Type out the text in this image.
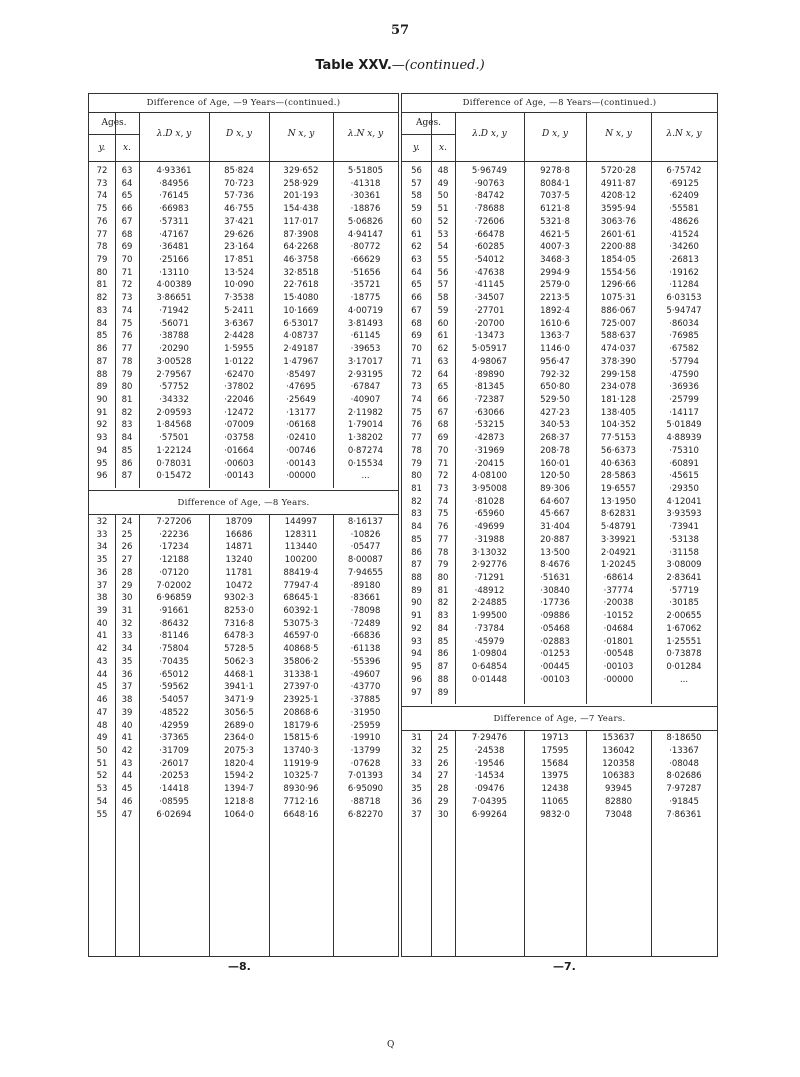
57
Table XXV.—(continued.)
Difference of Age, —9 Years—(continued.)
Ages.
y.	x.
λ.D x, y	D x, y	N x, y	λ.N x, y
72	63	4·93361	85·824	329·652	5·51805
73	64	·84956	70·723	258·929	·41318
74	65	·76145	57·736	201·193	·30361
75	66	·66983	46·755	154·438	·18876
76	67	·57311	37·421	117·017	5·06826
77	68	·47167	29·626	87·3908	4·94147
78	69	·36481	23·164	64·2268	·80772
79	70	·25166	17·851	46·3758	·66629
80	71	·13110	13·524	32·8518	·51656
81	72	4·00389	10·090	22·7618	·35721
82	73	3·86651	7·3538	15·4080	·18775
83	74	·71942	5·2411	10·1669	4·00719
84	75	·56071	3·6367	6·53017	3·81493
85	76	·38788	2·4428	4·08737	·61145
86	77	·20290	1·5955	2·49187	·39653
87	78	3·00528	1·0122	1·47967	3·17017
88	79	2·79567	·62470	·85497	2·93195
89	80	·57752	·37802	·47695	·67847
90	81	·34332	·22046	·25649	·40907
91	82	2·09593	·12472	·13177	2·11982
92	83	1·84568	·07009	·06168	1·79014
93	84	·57501	·03758	·02410	1·38202
94	85	1·22124	·01664	·00746	0·87274
95	86	0·78031	·00603	·00143	0·15534
96	87	0·15472	·00143	·00000	...
Difference of Age, —8 Years.
32	24	7·27206	18709	144997	8·16137
33	25	·22236	16686	128311	·10826
34	26	·17234	14871	113440	·05477
35	27	·12188	13240	100200	8·00087
36	28	·07120	11781	88419·4	7·94655
37	29	7·02002	10472	77947·4	·89180
38	30	6·96859	9302·3	68645·1	·83661
39	31	·91661	8253·0	60392·1	·78098
40	32	·86432	7316·8	53075·3	·72489
41	33	·81146	6478·3	46597·0	·66836
42	34	·75804	5728·5	40868·5	·61138
43	35	·70435	5062·3	35806·2	·55396
44	36	·65012	4468·1	31338·1	·49607
45	37	·59562	3941·1	27397·0	·43770
46	38	·54057	3471·9	23925·1	·37885
47	39	·48522	3056·5	20868·6	·31950
48	40	·42959	2689·0	18179·6	·25959
49	41	·37365	2364·0	15815·6	·19910
50	42	·31709	2075·3	13740·3	·13799
51	43	·26017	1820·4	11919·9	·07628
52	44	·20253	1594·2	10325·7	7·01393
53	45	·14418	1394·7	8930·96	6·95090
54	46	·08595	1218·8	7712·16	·88718
55	47	6·02694	1064·0	6648·16	6·82270
Difference of Age, —8 Years—(continued.)
Ages.
y.	x.
λ.D x, y	D x, y	N x, y	λ.N x, y
56	48	5·96749	9278·8	5720·28	6·75742
57	49	·90763	8084·1	4911·87	·69125
58	50	·84742	7037·5	4208·12	·62409
59	51	·78688	6121·8	3595·94	·55581
60	52	·72606	5321·8	3063·76	·48626
61	53	·66478	4621·5	2601·61	·41524
62	54	·60285	4007·3	2200·88	·34260
63	55	·54012	3468·3	1854·05	·26813
64	56	·47638	2994·9	1554·56	·19162
65	57	·41145	2579·0	1296·66	·11284
66	58	·34507	2213·5	1075·31	6·03153
67	59	·27701	1892·4	886·067	5·94747
68	60	·20700	1610·6	725·007	·86034
69	61	·13473	1363·7	588·637	·76985
70	62	5·05917	1146·0	474·037	·67582
71	63	4·98067	956·47	378·390	·57794
72	64	·89890	792·32	299·158	·47590
73	65	·81345	650·80	234·078	·36936
74	66	·72387	529·50	181·128	·25799
75	67	·63066	427·23	138·405	·14117
76	68	·53215	340·53	104·352	5·01849
77	69	·42873	268·37	77·5153	4·88939
78	70	·31969	208·78	56·6373	·75310
79	71	·20415	160·01	40·6363	·60891
80	72	4·08100	120·50	28·5863	·45615
81	73	3·95008	89·306	19·6557	·29350
82	74	·81028	64·607	13·1950	4·12041
83	75	·65960	45·667	8·62831	3·93593
84	76	·49699	31·404	5·48791	·73941
85	77	·31988	20·887	3·39921	·53138
86	78	3·13032	13·500	2·04921	·31158
87	79	2·92776	8·4676	1·20245	3·08009
88	80	·71291	·51631	·68614	2·83641
89	81	·48912	·30840	·37774	·57719
90	82	2·24885	·17736	·20038	·30185
91	83	1·99500	·09886	·10152	2·00655
92	84	·73784	·05468	·04684	1·67062
93	85	·45979	·02883	·01801	1·25551
94	86	1·09804	·01253	·00548	0·73878
95	87	0·64854	·00445	·00103	0·01284
96	88	0·01448	·00103	·00000	...
97	89
Difference of Age, —7 Years.
31	24	7·29476	19713	153637	8·18650
32	25	·24538	17595	136042	·13367
33	26	·19546	15684	120358	·08048
34	27	·14534	13975	106383	8·02686
35	28	·09476	12438	93945	7·97287
36	29	7·04395	11065	82880	·91845
37	30	6·99264	9832·0	73048	7·86361
—8.	—7.
Q
